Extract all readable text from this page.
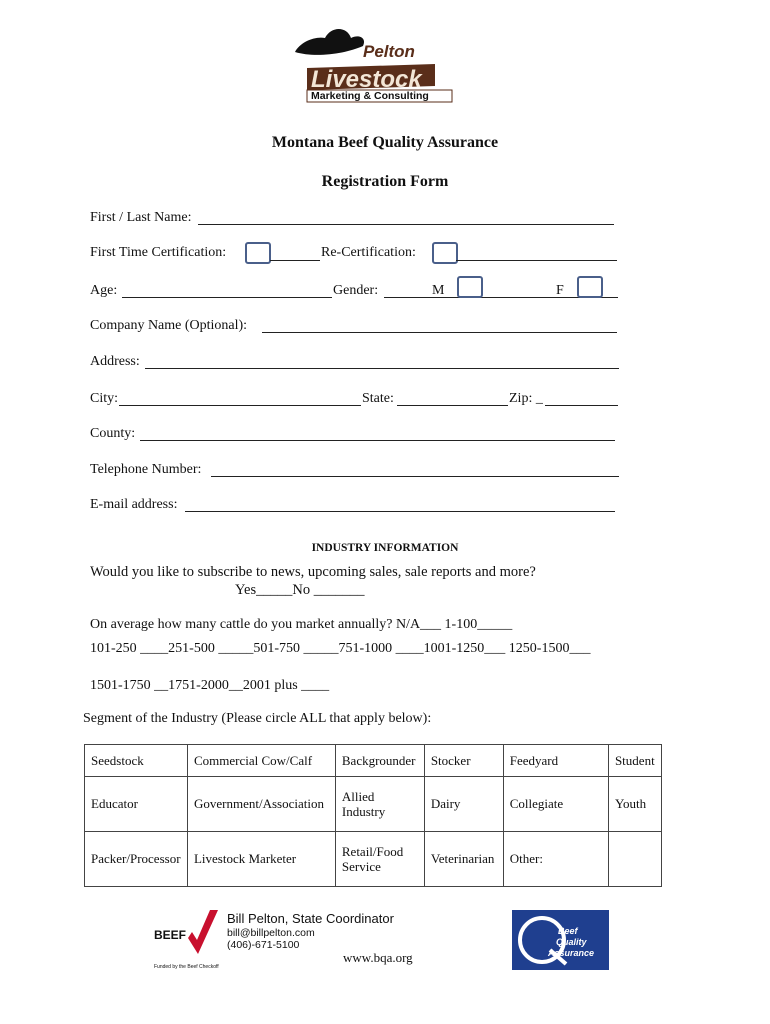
Pelton
Livestock
Marketing & Consulting
Montana Beef Quality Assurance
Registration Form
First / Last Name:
First Time Certification:	Re-Certification:
Age:	Gender:	M	F
Company Name (Optional):
Address:
City:	State:	Zip: _
County:
Telephone Number:
E-mail address:
INDUSTRY INFORMATION
Would you like to subscribe to news, upcoming sales, sale reports and more?
Yes_____No _______
On average how many cattle do you market annually? N/A___ 1-100_____
101-250 ____251-500 _____501-750 _____751-1000 ____1001-1250___ 1250-1500___
1501-1750 __1751-2000__2001 plus ____
Segment of the Industry (Please circle ALL that apply below):
Seedstock	Commercial Cow/Calf	Backgrounder	Stocker	Feedyard	Student
Educator	Government/Association	Allied Industry	Dairy	Collegiate	Youth
Packer/Processor	Livestock Marketer	Retail/Food Service	Veterinarian	Other:	
BEEF
Funded by the Beef Checkoff
Bill Pelton, State Coordinator
bill@billpelton.com
(406)-671-5100
www.bqa.org
Beef
Quality
Assurance
